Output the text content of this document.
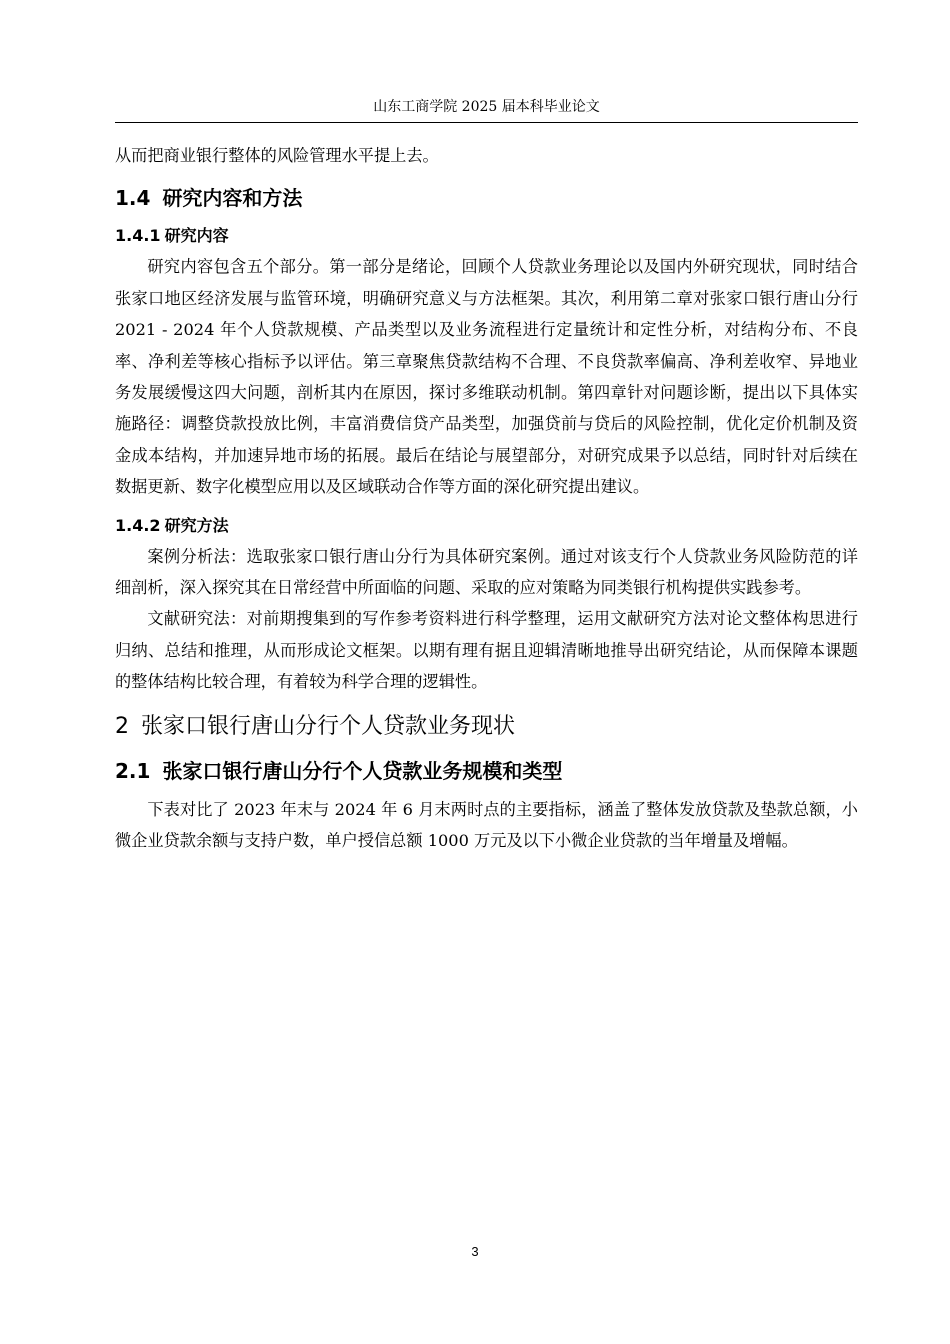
山东工商学院 2025 届本科毕业论文

从而把商业银行整体的风险管理水平提上去。

1.4 研究内容和方法
1.4.1 研究内容

研究内容包含五个部分。第一部分是绪论，回顾个人贷款业务理论以及国内外研究现状，同时结合张家口地区经济发展与监管环境，明确研究意义与方法框架。其次，利用第二章对张家口银行唐山分行 2021 - 2024 年个人贷款规模、产品类型以及业务流程进行定量统计和定性分析，对结构分布、不良率、净利差等核心指标予以评估。第三章聚焦贷款结构不合理、不良贷款率偏高、净利差收窄、异地业务发展缓慢这四大问题，剖析其内在原因，探讨多维联动机制。第四章针对问题诊断，提出以下具体实施路径：调整贷款投放比例，丰富消费信贷产品类型，加强贷前与贷后的风险控制，优化定价机制及资金成本结构，并加速异地市场的拓展。最后在结论与展望部分，对研究成果予以总结，同时针对后续在数据更新、数字化模型应用以及区域联动合作等方面的深化研究提出建议。

1.4.2 研究方法

案例分析法：选取张家口银行唐山分行为具体研究案例。通过对该支行个人贷款业务风险防范的详细剖析，深入探究其在日常经营中所面临的问题、采取的应对策略为同类银行机构提供实践参考。

文献研究法：对前期搜集到的写作参考资料进行科学整理，运用文献研究方法对论文整体构思进行归纳、总结和推理，从而形成论文框架。以期有理有据且迎辑清晰地推导出研究结论，从而保障本课题的整体结构比较合理，有着较为科学合理的逻辑性。

2 张家口银行唐山分行个人贷款业务现状
2.1 张家口银行唐山分行个人贷款业务规模和类型

下表对比了 2023 年末与 2024 年 6 月末两时点的主要指标，涵盖了整体发放贷款及垫款总额，小微企业贷款余额与支持户数，单户授信总额 1000 万元及以下小微企业贷款的当年增量及增幅。

3
